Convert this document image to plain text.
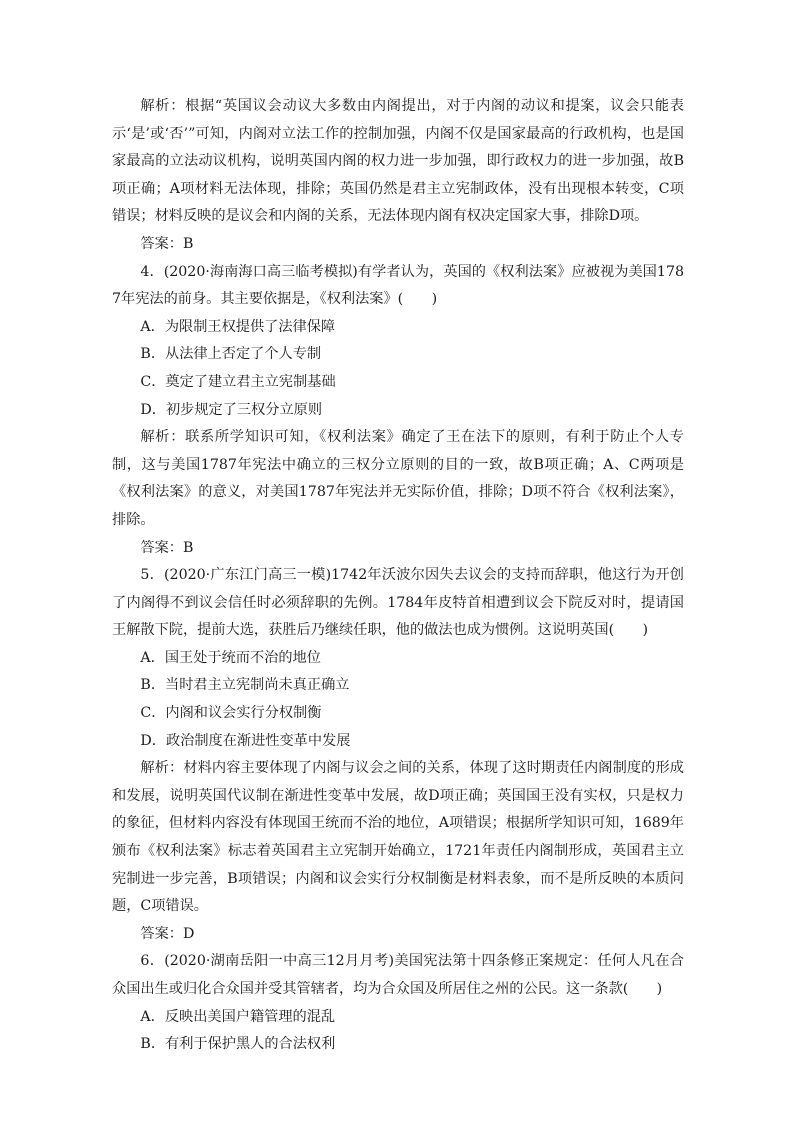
解析：根据“英国议会动议大多数由内阁提出，对于内阁的动议和提案，议会只能表示‘是’或‘否’”可知，内阁对立法工作的控制加强，内阁不仅是国家最高的行政机构，也是国家最高的立法动议机构，说明英国内阁的权力进一步加强，即行政权力的进一步加强，故B项正确；A项材料无法体现，排除；英国仍然是君主立宪制政体，没有出现根本转变，C项错误；材料反映的是议会和内阁的关系，无法体现内阁有权决定国家大事，排除D项。

答案：B

4．(2020·海南海口高三临考模拟)有学者认为，英国的《权利法案》应被视为美国1787年宪法的前身。其主要依据是，《权利法案》(　　)

A．为限制王权提供了法律保障

B．从法律上否定了个人专制

C．奠定了建立君主立宪制基础

D．初步规定了三权分立原则

解析：联系所学知识可知，《权利法案》确定了王在法下的原则，有利于防止个人专制，这与美国1787年宪法中确立的三权分立原则的目的一致，故B项正确；A、C两项是《权利法案》的意义，对美国1787年宪法并无实际价值，排除；D项不符合《权利法案》，排除。

答案：B

5．(2020·广东江门高三一模)1742年沃波尔因失去议会的支持而辞职，他这行为开创了内阁得不到议会信任时必须辞职的先例。1784年皮特首相遭到议会下院反对时，提请国王解散下院，提前大选，获胜后乃继续任职，他的做法也成为惯例。这说明英国(　　)

A．国王处于统而不治的地位

B．当时君主立宪制尚未真正确立

C．内阁和议会实行分权制衡

D．政治制度在渐进性变革中发展

解析：材料内容主要体现了内阁与议会之间的关系，体现了这时期责任内阁制度的形成和发展，说明英国代议制在渐进性变革中发展，故D项正确；英国国王没有实权，只是权力的象征，但材料内容没有体现国王统而不治的地位，A项错误；根据所学知识可知，1689年颁布《权利法案》标志着英国君主立宪制开始确立，1721年责任内阁制形成，英国君主立宪制进一步完善，B项错误；内阁和议会实行分权制衡是材料表象，而不是所反映的本质问题，C项错误。

答案：D

6．(2020·湖南岳阳一中高三12月月考)美国宪法第十四条修正案规定：任何人凡在合众国出生或归化合众国并受其管辖者，均为合众国及所居住之州的公民。这一条款(　　)

A．反映出美国户籍管理的混乱

B．有利于保护黑人的合法权利
